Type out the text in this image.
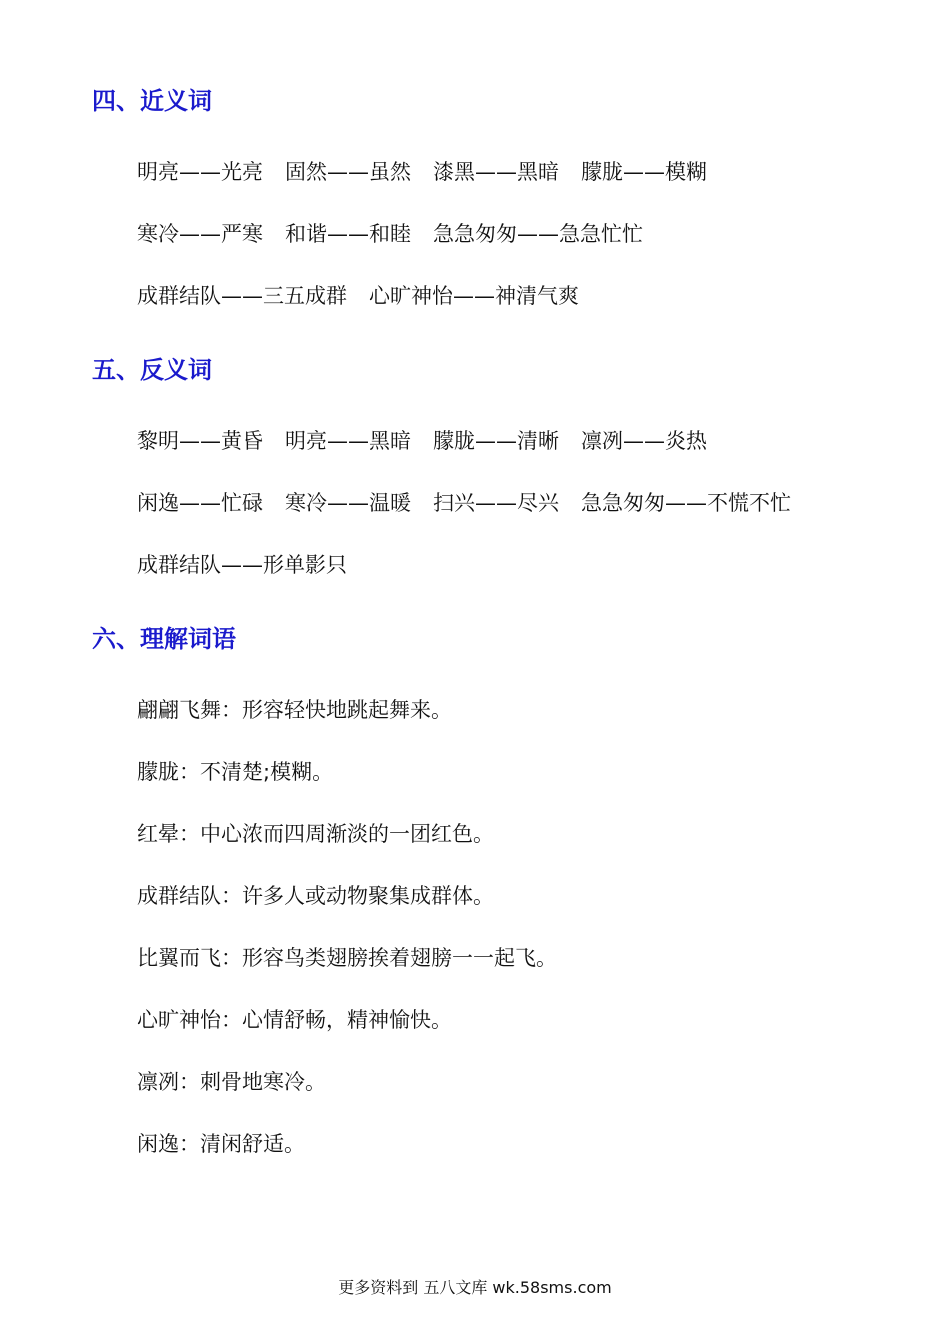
四、近义词
明亮——光亮 固然——虽然 漆黑——黑暗 朦胧——模糊
寒冷——严寒 和谐——和睦 急急匆匆——急急忙忙
成群结队——三五成群 心旷神怡——神清气爽
五、反义词
黎明——黄昏 明亮——黑暗 朦胧——清晰 凛冽——炎热
闲逸——忙碌 寒冷——温暖 扫兴——尽兴 急急匆匆——不慌不忙
成群结队——形单影只
六、理解词语

翩翩飞舞：形容轻快地跳起舞来。

朦胧：不清楚;模糊。

红晕：中心浓而四周渐淡的一团红色。

成群结队：许多人或动物聚集成群体。

比翼而飞：形容鸟类翅膀挨着翅膀一一起飞。

心旷神怡：心情舒畅，精神愉快。

凛冽：刺骨地寒冷。

闲逸：清闲舒适。

更多资料到 五八文库 wk.58sms.com
